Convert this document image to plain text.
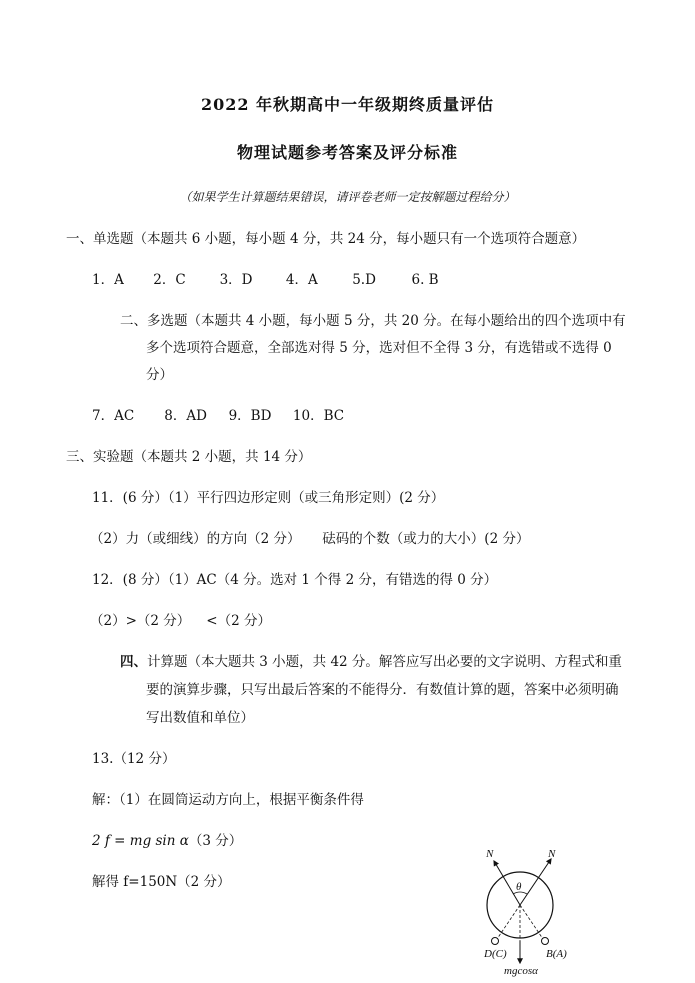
2022 年秋期高中一年级期终质量评估
物理试题参考答案及评分标准
（如果学生计算题结果错误，请评卷老师一定按解题过程给分）
一、单选题（本题共 6 小题，每小题 4 分，共 24 分，每小题只有一个选项符合题意）
1．A 2．C	3．D 4．A	5.D	6. B
二、多选题（本题共 4 小题，每小题 5 分，共 20 分。在每小题给出的四个选项中有
多个选项符合题意，全部选对得 5 分，选对但不全得 3 分，有选错或不选得 0
分）
7．AC 8．AD 9．BD 10．BC
三、实验题（本题共 2 小题，共 14 分）
11．(6 分）（1）平行四边形定则（或三角形定则）(2 分）
（2）力（或细线）的方向（2 分） 砝码的个数（或力的大小）(2 分）
12．(8 分）（1）AC（4 分。选对 1 个得 2 分，有错选的得 0 分）
（2）>（2 分） <（2 分）
四、计算题（本大题共 3 小题，共 42 分。解答应写出必要的文字说明、方程式和重
要的演算步骤，只写出最后答案的不能得分．有数值计算的题，答案中必须明确
写出数值和单位）
13.（12 分）
解：（1）在圆筒运动方向上，根据平衡条件得
2 f = mg sin α（3 分）
解得 f=150N（2 分）
N	N
θ
D(C)	B(A)
mgcosα
